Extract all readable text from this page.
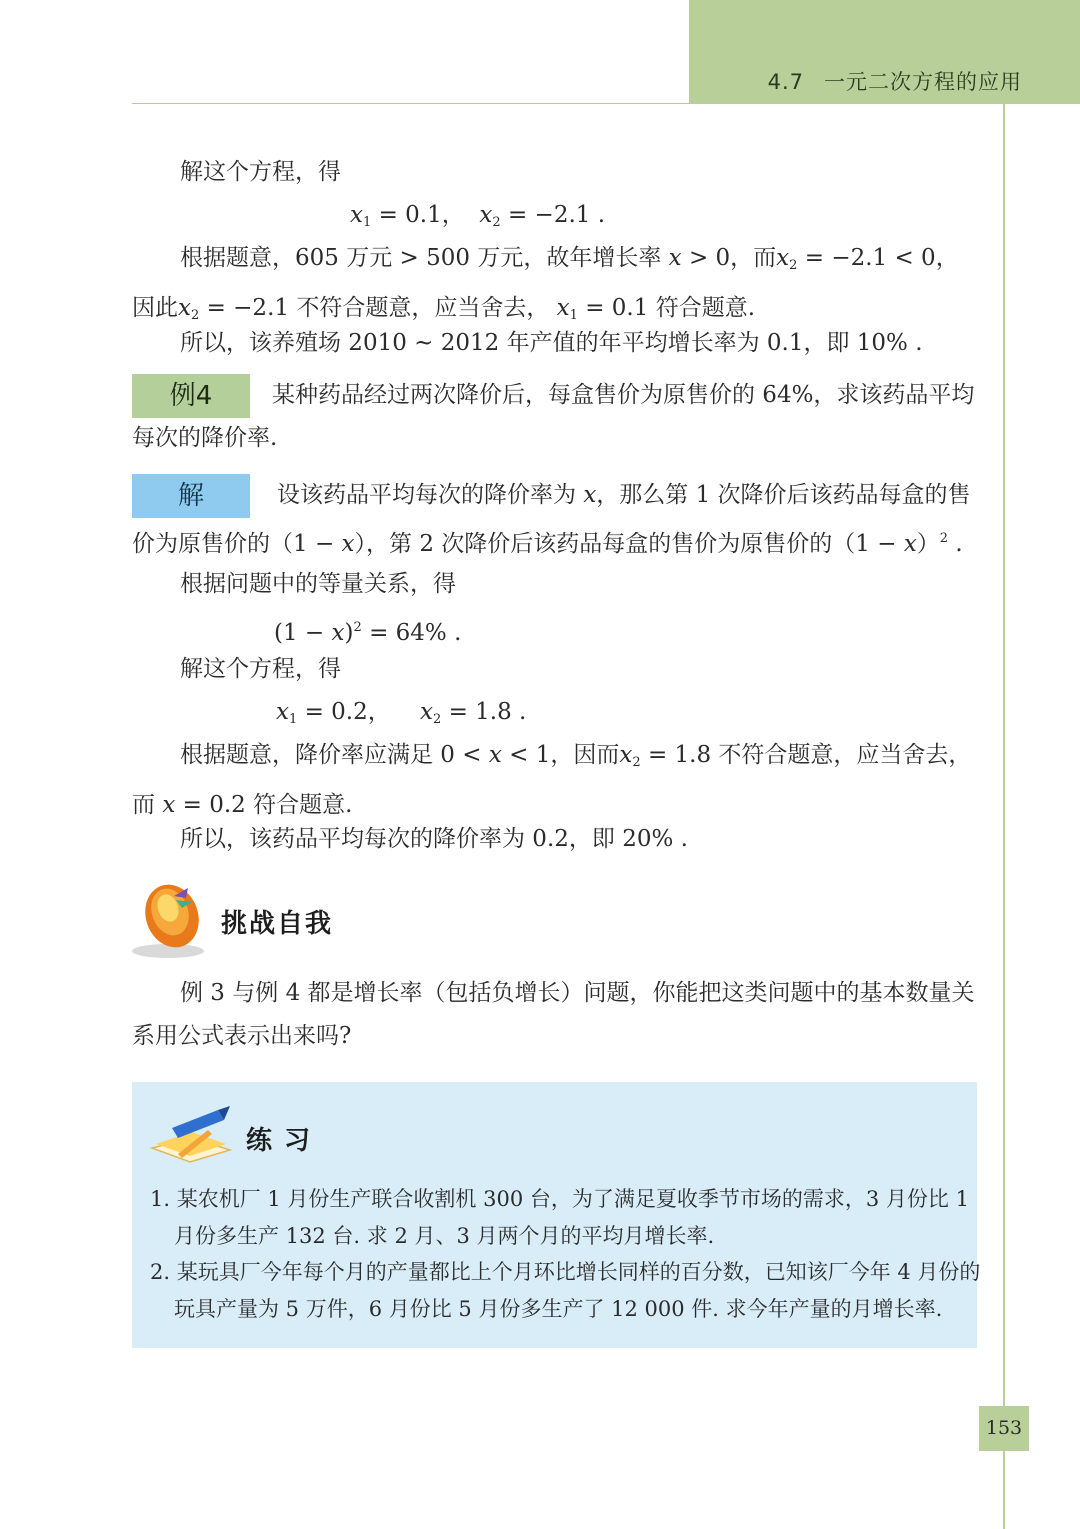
4.7 一元二次方程的应用

解这个方程，得

$x_1 = 0.1$，  $x_2 = -2.1$ .

根据题意，605 万元 > 500 万元，故年增长率 x > 0，而$x_2 = -2.1 < 0$，因此$x_2 = -2.1$ 不符合题意，应当舍去， $x_1 = 0.1$ 符合题意.

所以，该养殖场 2010 ~ 2012 年产值的年平均增长率为 0.1，即 10% .

例4	某种药品经过两次降价后，每盒售价为原售价的 64%，求该药品平均每次的降价率.

解	设该药品平均每次的降价率为 x，那么第 1 次降价后该药品每盒的售价为原售价的（1 − x），第 2 次降价后该药品每盒的售价为原售价的$(1 - x)^2$ .

根据问题中的等量关系，得

$(1 - x)^2 = 64\%$ .

解这个方程，得

$x_1 = 0.2$，    $x_2 = 1.8$ .

根据题意，降价率应满足 0 < x < 1，因而$x_2 = 1.8$ 不符合题意，应当舍去，而 x = 0.2 符合题意.

所以，该药品平均每次的降价率为 0.2，即 20% .

挑战自我

例 3 与例 4 都是增长率（包括负增长）问题，你能把这类问题中的基本数量关系用公式表示出来吗?

练习
1. 某农机厂 1 月份生产联合收割机 300 台，为了满足夏收季节市场的需求，3 月份比 1 月份多生产 132 台. 求 2 月、3 月两个月的平均月增长率.
2. 某玩具厂今年每个月的产量都比上个月环比增长同样的百分数，已知该厂今年 4 月份的玩具产量为 5 万件，6 月份比 5 月份多生产了 12 000 件. 求今年产量的月增长率.
153
